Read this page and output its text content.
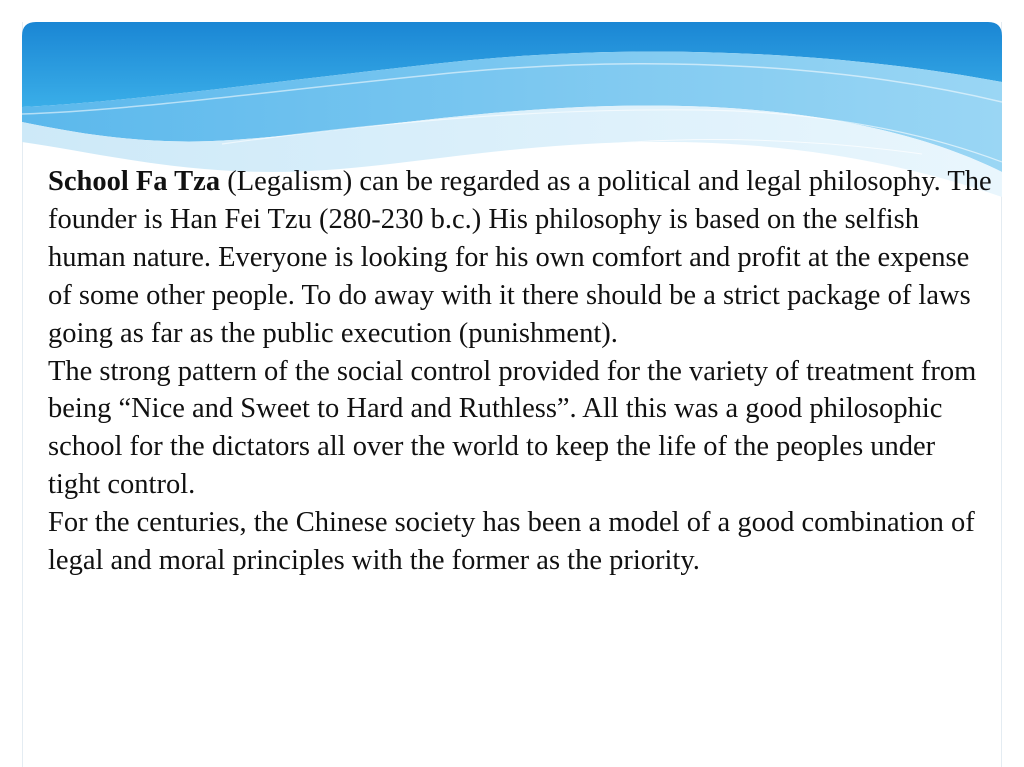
School Fa Tza (Legalism) can be regarded as a political and legal philosophy. The founder is Han Fei Tzu (280-230 b.c.) His philosophy is based on the selfish human nature. Everyone is looking for his own comfort and profit at the expense of some other people. To do away with it there should be a strict package of laws going as far as the public execution (punishment).

The strong pattern of the social control provided for the variety of treatment from being “Nice and Sweet to Hard and Ruthless”. All this was a good philosophic school for the dictators all over the world to keep the life of the peoples under tight control.

For the centuries, the Chinese society has been a model of a good combination of legal and moral principles with the former as the priority.
